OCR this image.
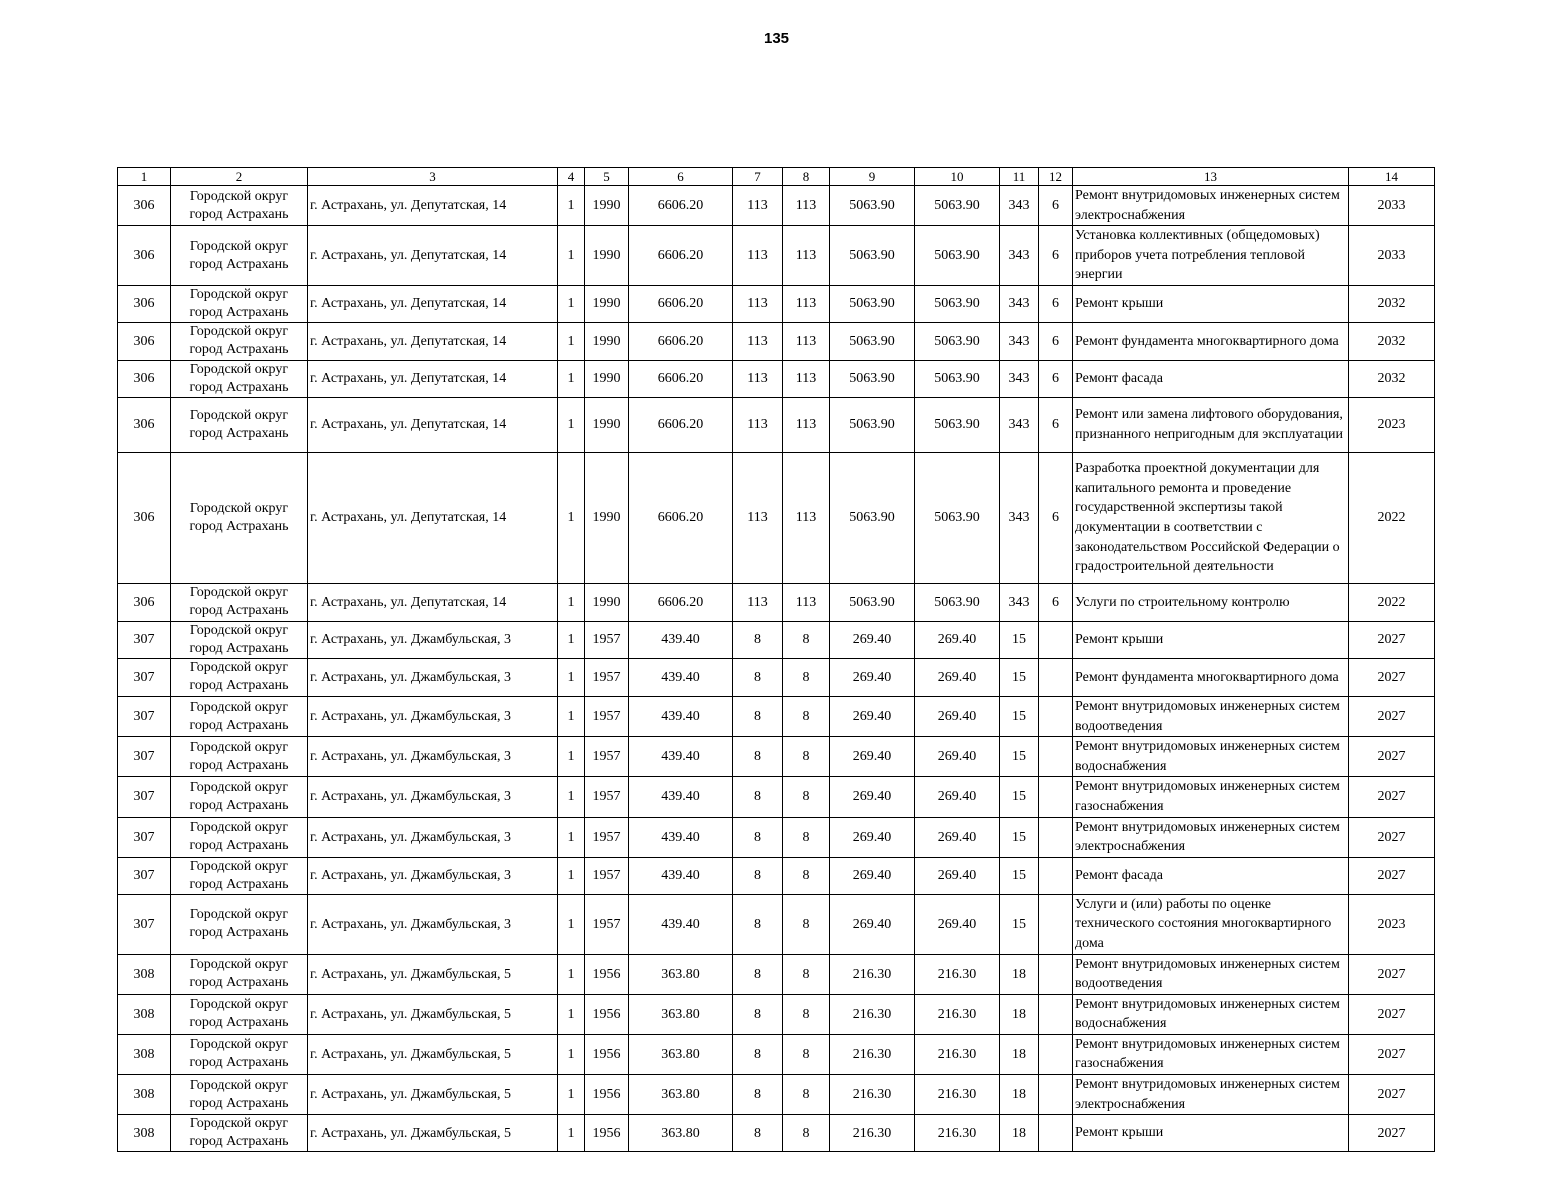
135
1	2	3	4	5	6	7	8	9	10	11	12	13	14
306	Городской округ город Астрахань	г. Астрахань, ул. Депутатская, 14	1	1990	6606.20	113	113	5063.90	5063.90	343	6	Ремонт внутридомовых инженерных систем электроснабжения	2033
306	Городской округ город Астрахань	г. Астрахань, ул. Депутатская, 14	1	1990	6606.20	113	113	5063.90	5063.90	343	6	Установка коллективных (общедомовых) приборов учета потребления тепловой энергии	2033
306	Городской округ город Астрахань	г. Астрахань, ул. Депутатская, 14	1	1990	6606.20	113	113	5063.90	5063.90	343	6	Ремонт крыши	2032
306	Городской округ город Астрахань	г. Астрахань, ул. Депутатская, 14	1	1990	6606.20	113	113	5063.90	5063.90	343	6	Ремонт фундамента многоквартирного дома	2032
306	Городской округ город Астрахань	г. Астрахань, ул. Депутатская, 14	1	1990	6606.20	113	113	5063.90	5063.90	343	6	Ремонт фасада	2032
306	Городской округ город Астрахань	г. Астрахань, ул. Депутатская, 14	1	1990	6606.20	113	113	5063.90	5063.90	343	6	Ремонт или замена лифтового оборудования, признанного непригодным для эксплуатации	2023
306	Городской округ город Астрахань	г. Астрахань, ул. Депутатская, 14	1	1990	6606.20	113	113	5063.90	5063.90	343	6	Разработка проектной документации для капитального ремонта и проведение государственной экспертизы такой документации в соответствии с законодательством Российской Федерации о градостроительной деятельности	2022
306	Городской округ город Астрахань	г. Астрахань, ул. Депутатская, 14	1	1990	6606.20	113	113	5063.90	5063.90	343	6	Услуги по строительному контролю	2022
307	Городской округ город Астрахань	г. Астрахань, ул. Джамбульская, 3	1	1957	439.40	8	8	269.40	269.40	15		Ремонт крыши	2027
307	Городской округ город Астрахань	г. Астрахань, ул. Джамбульская, 3	1	1957	439.40	8	8	269.40	269.40	15		Ремонт фундамента многоквартирного дома	2027
307	Городской округ город Астрахань	г. Астрахань, ул. Джамбульская, 3	1	1957	439.40	8	8	269.40	269.40	15		Ремонт внутридомовых инженерных систем водоотведения	2027
307	Городской округ город Астрахань	г. Астрахань, ул. Джамбульская, 3	1	1957	439.40	8	8	269.40	269.40	15		Ремонт внутридомовых инженерных систем водоснабжения	2027
307	Городской округ город Астрахань	г. Астрахань, ул. Джамбульская, 3	1	1957	439.40	8	8	269.40	269.40	15		Ремонт внутридомовых инженерных систем газоснабжения	2027
307	Городской округ город Астрахань	г. Астрахань, ул. Джамбульская, 3	1	1957	439.40	8	8	269.40	269.40	15		Ремонт внутридомовых инженерных систем электроснабжения	2027
307	Городской округ город Астрахань	г. Астрахань, ул. Джамбульская, 3	1	1957	439.40	8	8	269.40	269.40	15		Ремонт фасада	2027
307	Городской округ город Астрахань	г. Астрахань, ул. Джамбульская, 3	1	1957	439.40	8	8	269.40	269.40	15		Услуги и (или) работы по оценке технического состояния многоквартирного дома	2023
308	Городской округ город Астрахань	г. Астрахань, ул. Джамбульская, 5	1	1956	363.80	8	8	216.30	216.30	18		Ремонт внутридомовых инженерных систем водоотведения	2027
308	Городской округ город Астрахань	г. Астрахань, ул. Джамбульская, 5	1	1956	363.80	8	8	216.30	216.30	18		Ремонт внутридомовых инженерных систем водоснабжения	2027
308	Городской округ город Астрахань	г. Астрахань, ул. Джамбульская, 5	1	1956	363.80	8	8	216.30	216.30	18		Ремонт внутридомовых инженерных систем газоснабжения	2027
308	Городской округ город Астрахань	г. Астрахань, ул. Джамбульская, 5	1	1956	363.80	8	8	216.30	216.30	18		Ремонт внутридомовых инженерных систем электроснабжения	2027
308	Городской округ город Астрахань	г. Астрахань, ул. Джамбульская, 5	1	1956	363.80	8	8	216.30	216.30	18		Ремонт крыши	2027
